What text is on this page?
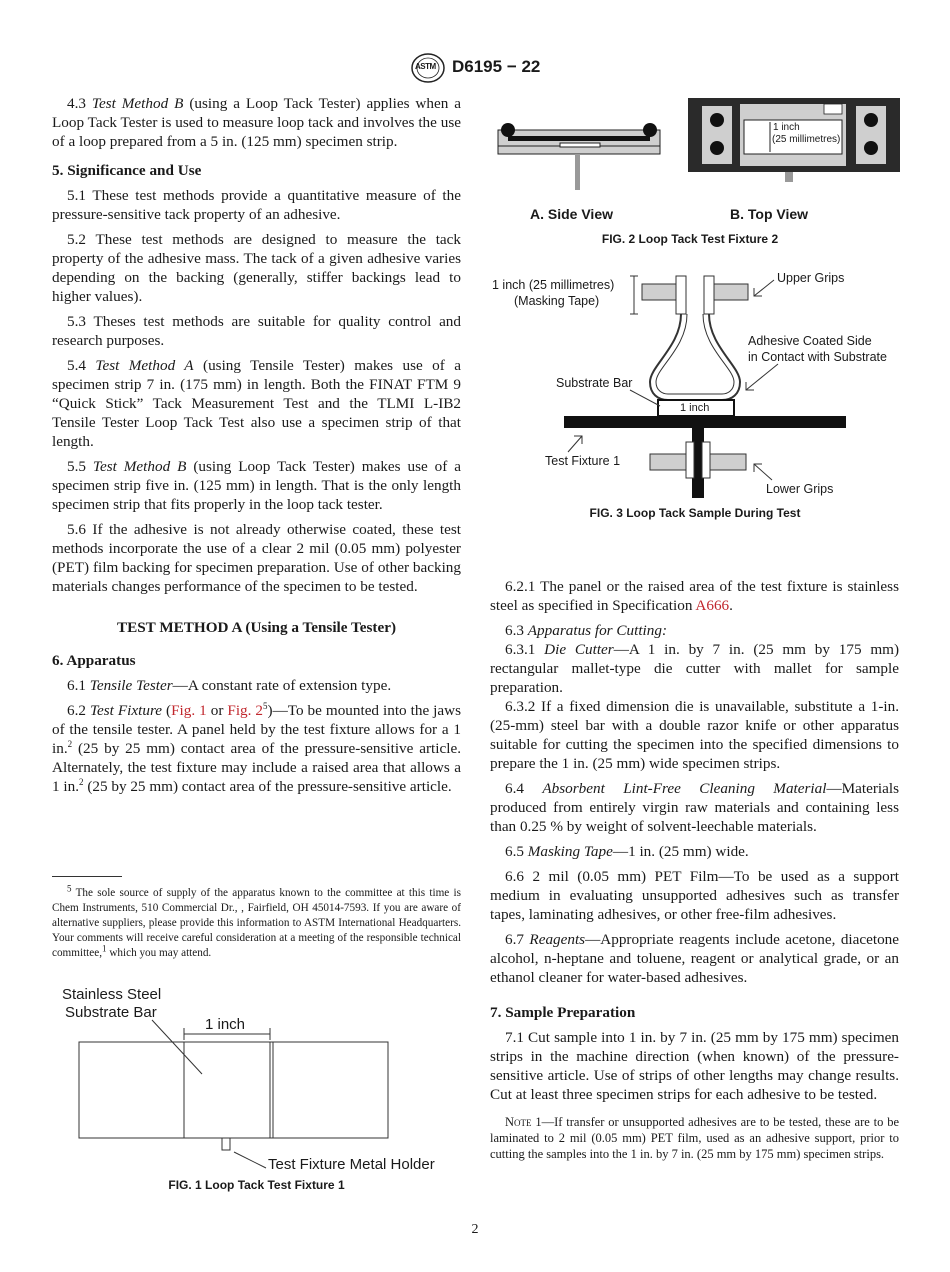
ASTM D6195 − 22

4.3 Test Method B (using a Loop Tack Tester) applies when a Loop Tack Tester is used to measure loop tack and involves the use of a loop prepared from a 5 in. (125 mm) specimen strip.

5. Significance and Use

5.1 These test methods provide a quantitative measure of the pressure-sensitive tack property of an adhesive.

5.2 These test methods are designed to measure the tack property of the adhesive mass. The tack of a given adhesive varies depending on the backing (generally, stiffer backings lead to higher values).

5.3 Theses test methods are suitable for quality control and research purposes.

5.4 Test Method A (using Tensile Tester) makes use of a specimen strip 7 in. (175 mm) in length. Both the FINAT FTM 9 “Quick Stick” Tack Measurement Test and the TLMI L-IB2 Tensile Tester Loop Tack Test also use a specimen strip of that length.

5.5 Test Method B (using Loop Tack Tester) makes use of a specimen strip five in. (125 mm) in length. That is the only length specimen strip that fits properly in the loop tack tester.

5.6 If the adhesive is not already otherwise coated, these test methods incorporate the use of a clear 2 mil (0.05 mm) polyester (PET) film backing for specimen preparation. Use of other backing materials changes performance of the specimen to be tested.

TEST METHOD A (Using a Tensile Tester)
6. Apparatus

6.1 Tensile Tester—A constant rate of extension type.

6.2 Test Fixture (Fig. 1 or Fig. $2^5)—To$ be mounted into the jaws of the tensile tester. A panel held by the test fixture allows for a 1 in.$^2$ (25 by 25 mm) contact area of the pressure-sensitive article. Alternately, the test fixture may include a raised area that allows a 1 in.$^2$ (25 by 25 mm) contact area of the pressure-sensitive article.

$^5$ The sole source of supply of the apparatus known to the committee at this time is Chem Instruments, 510 Commercial Dr., , Fairfield, OH 45014-7593. If you are aware of alternative suppliers, please provide this information to ASTM International Headquarters. Your comments will receive careful consideration at a meeting of the responsible technical committee,$^1$ which you may attend.

Stainless Steel
Substrate Bar
1 inch
Test Fixture Metal Holder
FIG. 1 Loop Tack Test Fixture 1
1 inch
(25 millimetres)
A. Side View	B. Top View
FIG. 2 Loop Tack Test Fixture 2
1 inch (25 millimetres)
(Masking Tape)
Upper Grips
Adhesive Coated Side
in Contact with Substrate
Substrate Bar
1 inch
Test Fixture 1
Lower Grips
FIG. 3 Loop Tack Sample During Test

6.2.1 The panel or the raised area of the test fixture is stainless steel as specified in Specification A666.

6.3 Apparatus for Cutting:

6.3.1 Die Cutter—A 1 in. by 7 in. (25 mm by 175 mm) rectangular mallet-type die cutter with mallet for sample preparation.

6.3.2 If a fixed dimension die is unavailable, substitute a 1-in. (25-mm) steel bar with a double razor knife or other apparatus suitable for cutting the specimen into the specified dimensions to prepare the 1 in. (25 mm) wide specimen strips.

6.4 Absorbent Lint-Free Cleaning Material—Materials produced from entirely virgin raw materials and containing less than 0.25 % by weight of solvent-leechable materials.

6.5 Masking Tape—1 in. (25 mm) wide.

6.6 2 mil (0.05 mm) PET Film—To be used as a support medium in evaluating unsupported adhesives such as transfer tapes, laminating adhesives, or other free-film adhesives.

6.7 Reagents—Appropriate reagents include acetone, diacetone alcohol, n-heptane and toluene, reagent or analytical grade, or an ethanol cleaner for water-based adhesives.

7. Sample Preparation

7.1 Cut sample into 1 in. by 7 in. (25 mm by 175 mm) specimen strips in the machine direction (when known) of the pressure-sensitive article. Use of strips of other lengths may change results. Cut at least three specimen strips for each adhesive to be tested.

Note 1—If transfer or unsupported adhesives are to be tested, these are to be laminated to 2 mil (0.05 mm) PET film, used as an adhesive support, prior to cutting the samples into the 1 in. by 7 in. (25 mm by 175 mm) specimen strips.

2
